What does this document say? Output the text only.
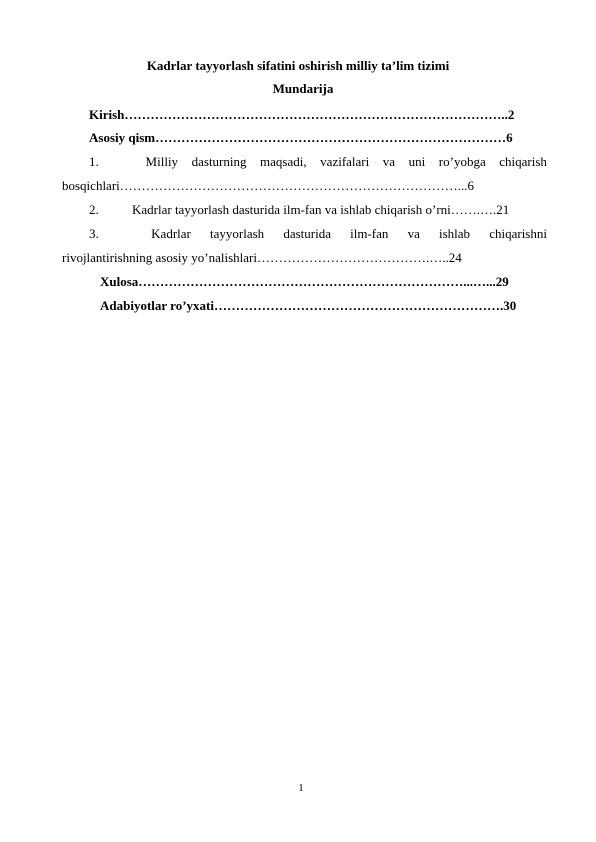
Kadrlar tayyorlash sifatini oshirish milliy ta’lim tizimi
Mundarija
Kirish……………………………………………………………………………..2
Asosiy qism………………………………………………………………………6
1.	Milliy dasturning maqsadi, vazifalari va uni ro’yobga chiqarish
bosqichlari……………………………………………………………………...6
2.	Kadrlar tayyorlash dasturida ilm-fan va ishlab chiqarish o’rni…….….21
3.	Kadrlar tayyorlash dasturida ilm-fan va ishlab chiqarishni
rivojlantirishning asosiy yo’nalishlari………………………………….…..24
Xulosa…………………………………………………………………...…...29
Adabiyotlar ro’yxati………………………………………………………….30
1
